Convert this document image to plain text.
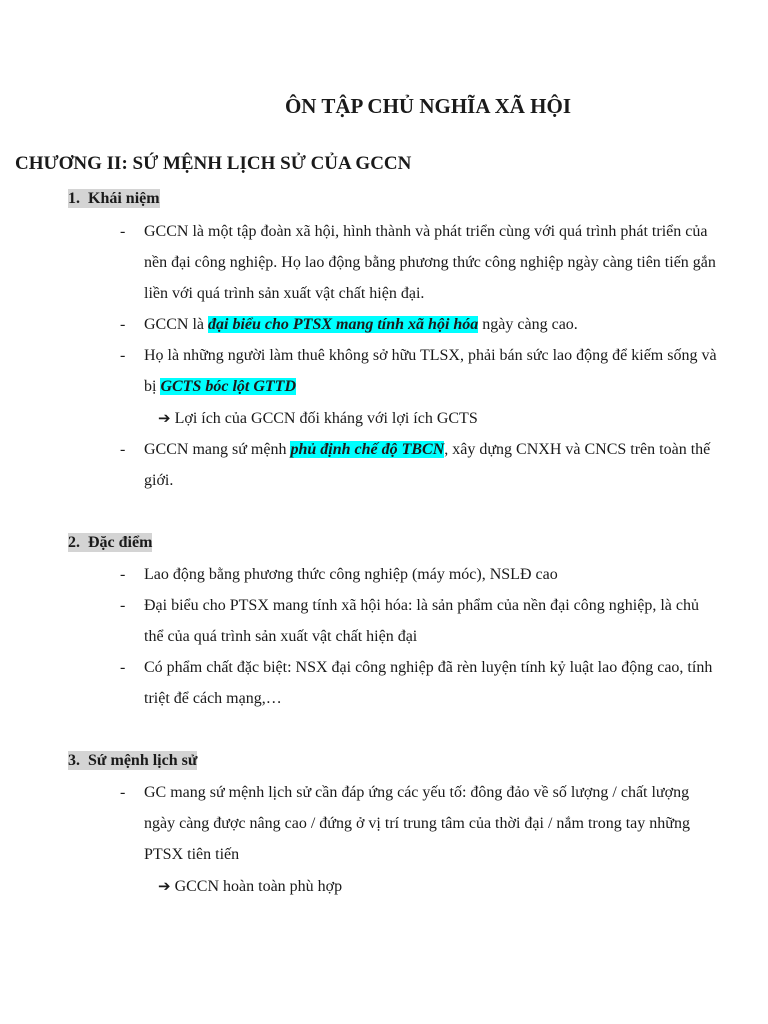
ÔN TẬP CHỦ NGHĨA XÃ HỘI
CHƯƠNG II: SỨ MỆNH LỊCH SỬ CỦA GCCN
1. Khái niệm
-	GCCN là một tập đoàn xã hội, hình thành và phát triển cùng với quá trình phát triển của nền đại công nghiệp. Họ lao động bằng phương thức công nghiệp ngày càng tiên tiến gắn liền với quá trình sản xuất vật chất hiện đại.
-	GCCN là đại biểu cho PTSX mang tính xã hội hóa ngày càng cao.
-	Họ là những người làm thuê không sở hữu TLSX, phải bán sức lao động để kiếm sống và bị GCTS bóc lột GTTD
➔ Lợi ích của GCCN đối kháng với lợi ích GCTS
-	GCCN mang sứ mệnh phủ định chế độ TBCN, xây dựng CNXH và CNCS trên toàn thế giới.
2. Đặc điểm
-	Lao động bằng phương thức công nghiệp (máy móc), NSLĐ cao
-	Đại biểu cho PTSX mang tính xã hội hóa: là sản phẩm của nền đại công nghiệp, là chủ thể của quá trình sản xuất vật chất hiện đại
-	Có phẩm chất đặc biệt: NSX đại công nghiệp đã rèn luyện tính kỷ luật lao động cao, tính triệt để cách mạng,…
3. Sứ mệnh lịch sử
-	GC mang sứ mệnh lịch sử cần đáp ứng các yếu tố: đông đảo về số lượng / chất lượng ngày càng được nâng cao / đứng ở vị trí trung tâm của thời đại / nắm trong tay những PTSX tiên tiến
➔ GCCN hoàn toàn phù hợp
